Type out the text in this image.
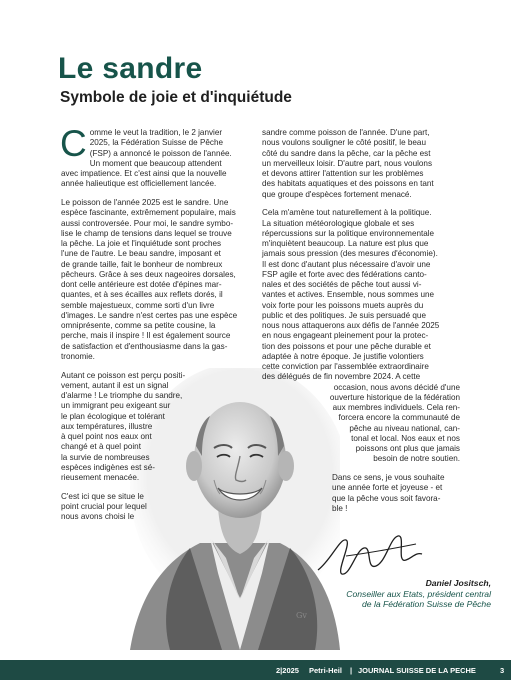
Le sandre
Symbole de joie et d'inquiétude
Gv

C omme le veut la tradition, le 2 janvier
2025, la Fédération Suisse de Pêche
(FSP) a annoncé le poisson de l'année.
Un moment que beaucoup attendent
avec impatience. Et c'est ainsi que la nouvelle
année halieutique est officiellement lancée.

Le poisson de l'année 2025 est le sandre. Une
espèce fascinante, extrêmement populaire, mais
aussi controversée. Pour moi, le sandre symbo-
lise le champ de tensions dans lequel se trouve
la pêche. La joie et l'inquiétude sont proches
l'une de l'autre. Le beau sandre, imposant et
de grande taille, fait le bonheur de nombreux
pêcheurs. Grâce à ses deux nageoires dorsales,
dont celle antérieure est dotée d'épines mar-
quantes, et à ses écailles aux reflets dorés, il
semble majestueux, comme sorti d'un livre
d'images. Le sandre n'est certes pas une espèce
omniprésente, comme sa petite cousine, la
perche, mais il inspire ! Il est également source
de satisfaction et d'enthousiasme dans la gas-
tronomie.

Autant ce poisson est perçu positi-
vement, autant il est un signal
d'alarme ! Le triomphe du sandre,
un immigrant peu exigeant sur
le plan écologique et tolérant
aux températures, illustre
à quel point nos eaux ont
changé et à quel point
la survie de nombreuses
espèces indigènes est sé-
rieusement menacée.

C'est ici que se situe le
point crucial pour lequel
nous avons choisi le

sandre comme poisson de l'année. D'une part,
nous voulons souligner le côté positif, le beau
côté du sandre dans la pêche, car la pêche est
un merveilleux loisir. D'autre part, nous voulons
et devons attirer l'attention sur les problèmes
des habitats aquatiques et des poissons en tant
que groupe d'espèces fortement menacé.

Cela m'amène tout naturellement à la politique.
La situation météorologique globale et ses
répercussions sur la politique environnementale
m'inquiètent beaucoup. La nature est plus que
jamais sous pression (des mesures d'économie).
Il est donc d'autant plus nécessaire d'avoir une
FSP agile et forte avec des fédérations canto-
nales et des sociétés de pêche tout aussi vi-
vantes et actives. Ensemble, nous sommes une
voix forte pour les poissons muets auprès du
public et des politiques. Je suis persuadé que
nous nous attaquerons aux défis de l'année 2025
en nous engageant pleinement pour la protec-
tion des poissons et pour une pêche durable et
adaptée à notre époque. Je justifie volontiers
cette conviction par l'assemblée extraordinaire
des délégués de fin novembre 2024. A cette
occasion, nous avons décidé d'une
ouverture historique de la fédération
aux membres individuels. Cela ren-
forcera encore la communauté de
pêche au niveau national, can-
tonal et local. Nos eaux et nos
poissons ont plus que jamais
besoin de notre soutien.

Dans ce sens, je vous souhaite
une année forte et joyeuse - et
que la pêche vous soit favora-
ble !

Daniel Jositsch,
Conseiller aux Etats, président central
de la Fédération Suisse de Pêche
2|2025 Petri-Heil | JOURNAL SUISSE DE LA PECHE	3
